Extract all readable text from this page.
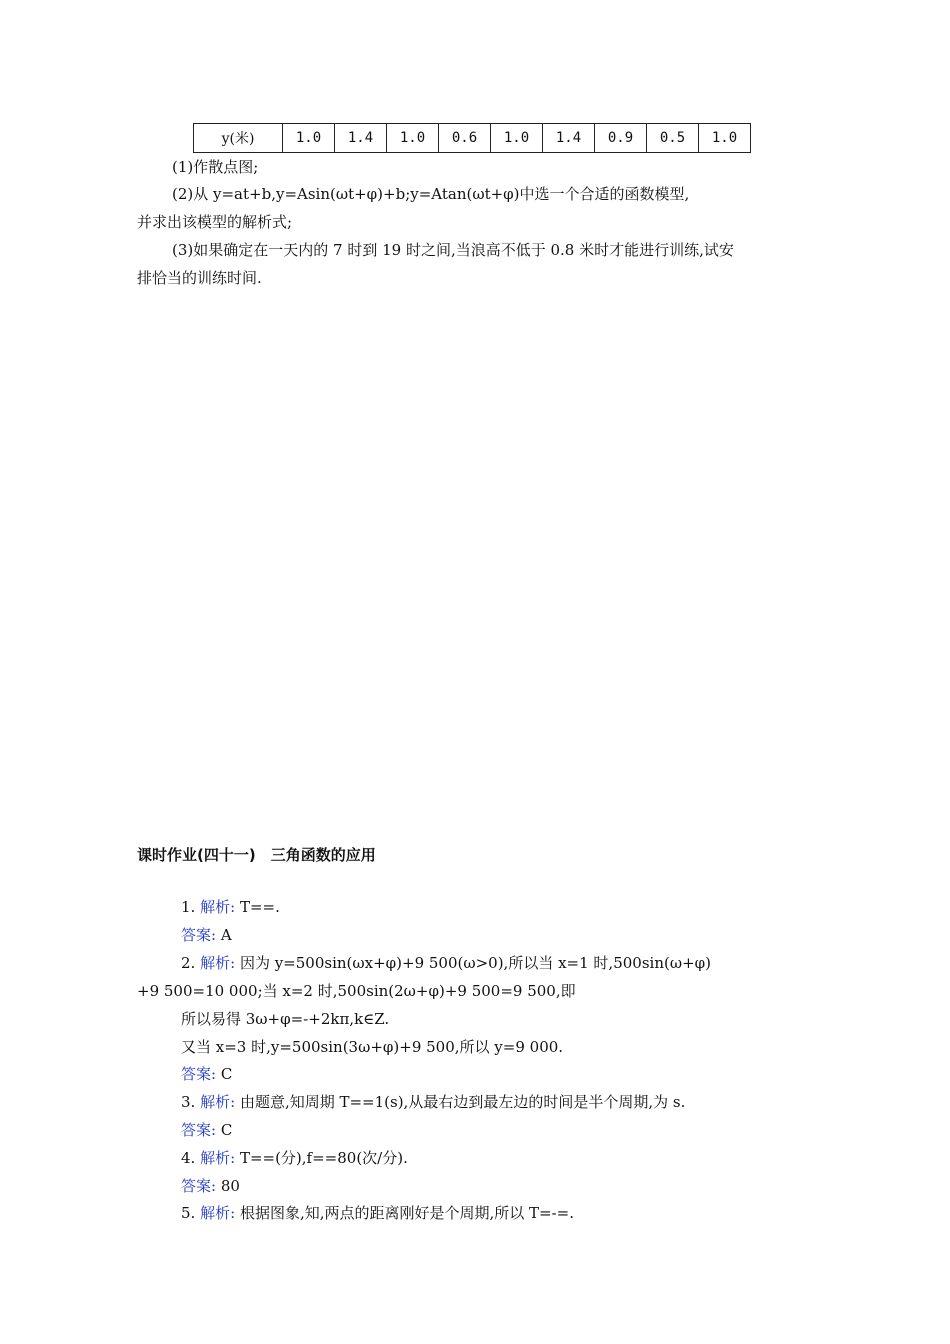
y(米)	1.0	1.4	1.0	0.6	1.0	1.4	0.9	0.5	1.0
(1)作散点图;
(2)从 y=at+b,y=Asin(ωt+φ)+b;y=Atan(ωt+φ)中选一个合适的函数模型,
并求出该模型的解析式;
(3)如果确定在一天内的 7 时到 19 时之间,当浪高不低于 0.8 米时才能进行训练,试安
排恰当的训练时间.
课时作业(四十一)　三角函数的应用
1. 解析: T==.
答案: A
2. 解析: 因为 y=500sin(ωx+φ)+9 500(ω>0),所以当 x=1 时,500sin(ω+φ)
+9 500=10 000;当 x=2 时,500sin(2ω+φ)+9 500=9 500,即
所以易得 3ω+φ=-+2kπ,k∈Z.
又当 x=3 时,y=500sin(3ω+φ)+9 500,所以 y=9 000.
答案: C
3. 解析: 由题意,知周期 T==1(s),从最右边到最左边的时间是半个周期,为 s.
答案: C
4. 解析: T==(分),f==80(次/分).
答案: 80
5. 解析: 根据图象,知,两点的距离刚好是个周期,所以 T=-=.
